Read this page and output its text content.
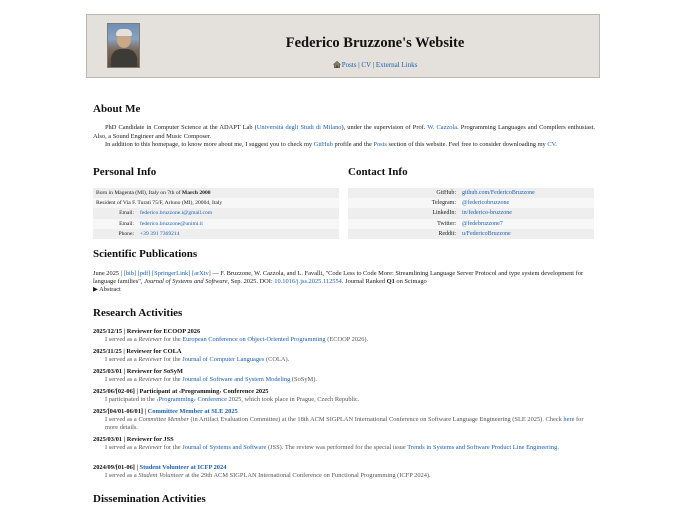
Federico Bruzzone's Website
Posts | CV | External Links
About Me

PhD Candidate in Computer Science at the ADAPT Lab (Università degli Studi di Milano), under the supervision of Prof. W. Cazzola. Programming Languages and Compilers enthusiast. Also, a Sound Engineer and Music Composer.

In addition to this homepage, to know more about me, I suggest you to check my GitHub profile and the Posts section of this website. Feel free to consider downloading my CV.

Personal Info
Born in Magenta (MI), Italy on 7th of March 2000	
Resident of Via F. Turati 75/F, Arluno (MI), 20004, Italy	
Email:	federico.bruzzone.i@gmail.com
Email:	federico.bruzzone@unimi.it
Phone:	+39 391 7369214
Contact Info
GitHub:	github.com/FedericoBruzzone
Telegram:	@federicobruzzone
LinkedIn:	in/federico-bruzzone
Twitter:	@fedebruzzone7
Reddit:	u/FedericoBruzzone
Scientific Publications
June 2025 | [bib] [pdf] [SpringerLink] [arXiv] — F. Bruzzone, W. Cazzola, and L. Favalli, "Code Less to Code More: Streamlining Language Server Protocol and type system development for language families", Journal of Systems and Software, Sep. 2025. DOI: 10.1016/j.jss.2025.112554. Journal Ranked Q1 on Scimago
▶ Abstract
Research Activities
2025/12/15 | Reviewer for ECOOP 2026
I served as a Reviewer for the European Conference on Object-Oriented Programming (ECOOP 2026).
2025/11/25 | Reviewer for COLA
I served as a Reviewer for the Journal of Computer Languages (COLA).
2025/03/01 | Reviewer for SoSyM
I served as a Reviewer for the Journal of Software and System Modeling (SoSyM).
2025/06/[02-06] | Participant at ‹Programming› Conference 2025
I participated in the ‹Programming› Conference 2025, which took place in Prague, Czech Republic.
2025/[04/01-06/01] | Committee Member at SLE 2025
I served as a Committee Member (in Artifact Evaluation Committee) at the 18th ACM SIGPLAN International Conference on Software Language Engineering (SLE 2025). Check here for more details.
2025/03/01 | Reviewer for JSS
I served as a Reviewer for the Journal of Systems and Software (JSS). The review was performed for the special issue Trends in Systems and Software Product Line Engineering.
2024/09/[01-06] | Student Volunteer at ICFP 2024
I served as a Student Volunteer at the 29th ACM SIGPLAN International Conference on Functional Programming (ICFP 2024).
Dissemination Activities
